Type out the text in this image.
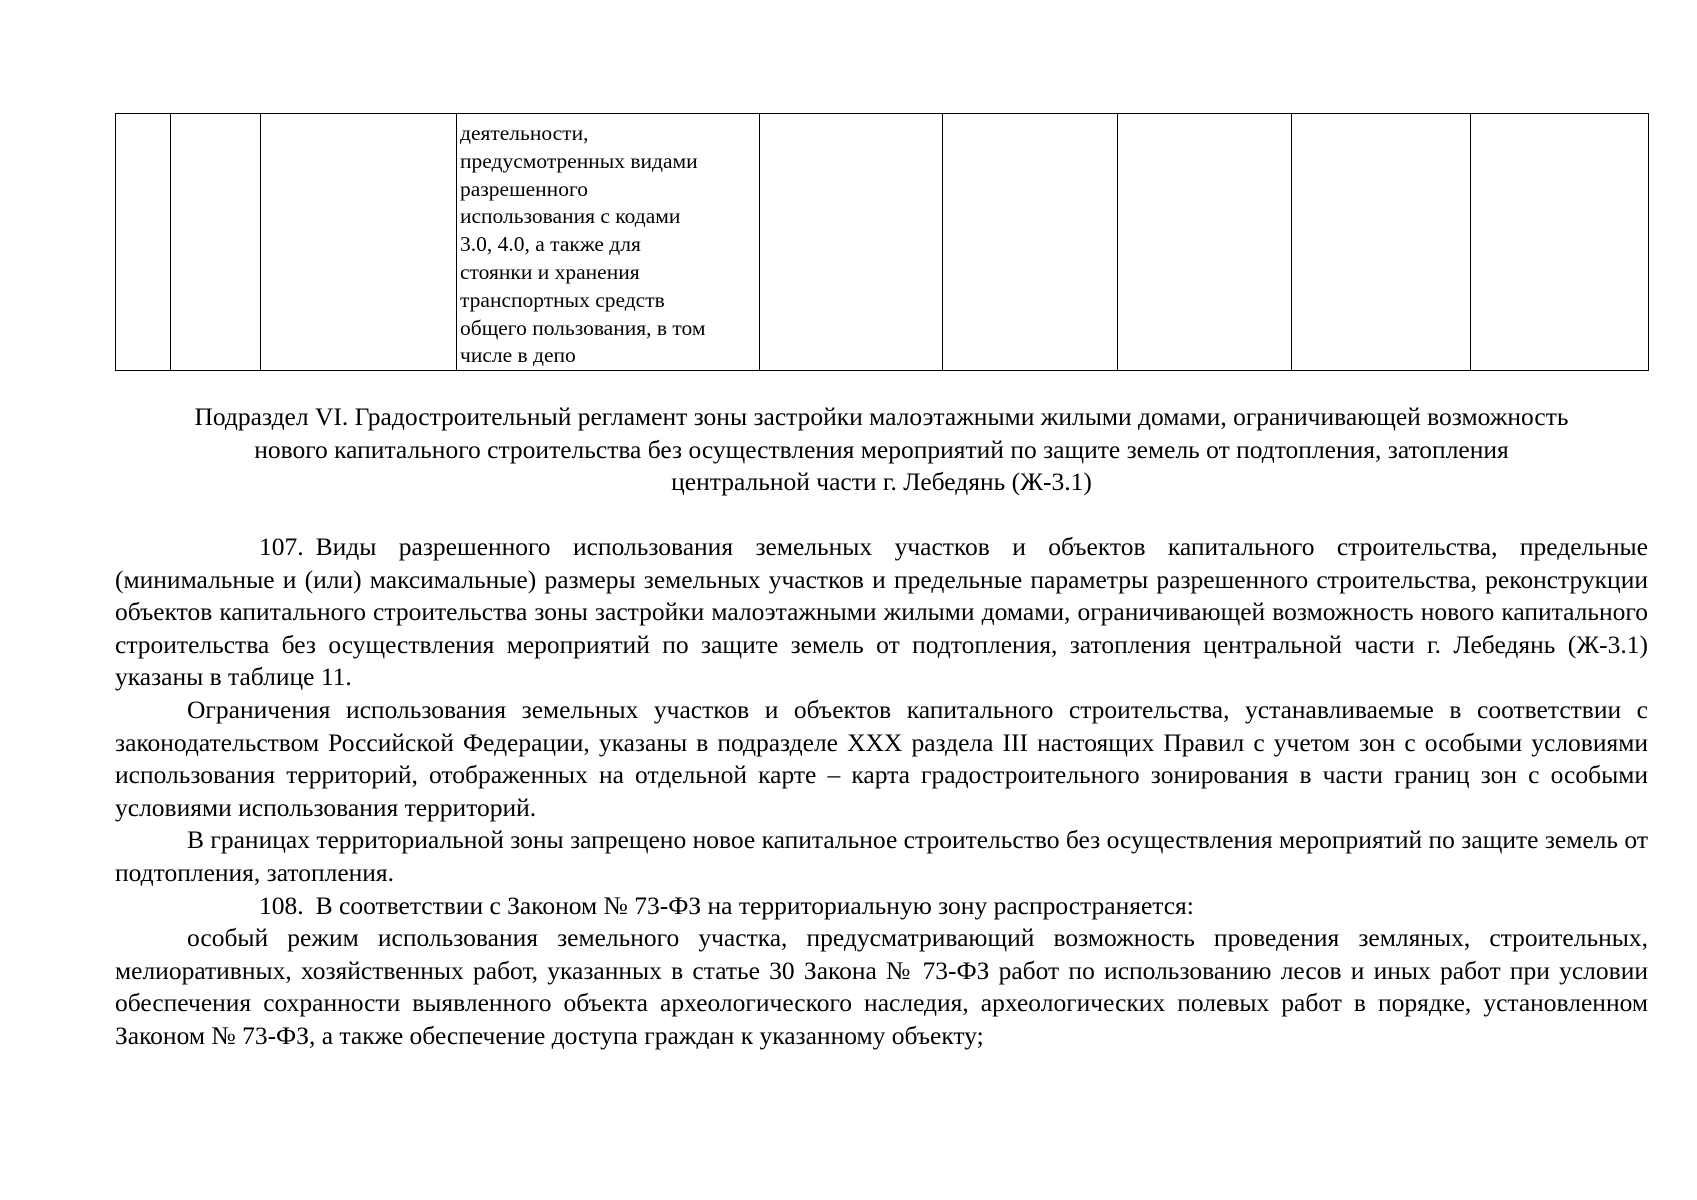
деятельности,
предусмотренных видами
разрешенного
использования с кодами
3.0, 4.0, а также для
стоянки и хранения
транспортных средств
общего пользования, в том
числе в депо

Подраздел VI. Градостроительный регламент зоны застройки малоэтажными жилыми домами, ограничивающей возможность
нового капитального строительства без осуществления мероприятий по защите земель от подтопления, затопления
центральной части г. Лебедянь (Ж-3.1)

107. Виды разрешенного использования земельных участков и объектов капитального строительства, предельные (минимальные и (или) максимальные) размеры земельных участков и предельные параметры разрешенного строительства, реконструкции объектов капитального строительства зоны застройки малоэтажными жилыми домами, ограничивающей возможность нового капитального строительства без осуществления мероприятий по защите земель от подтопления, затопления центральной части г. Лебедянь (Ж-3.1) указаны в таблице 11.

Ограничения использования земельных участков и объектов капитального строительства, устанавливаемые в соответствии с законодательством Российской Федерации, указаны в подразделе XXX раздела III настоящих Правил с учетом зон с особыми условиями использования территорий, отображенных на отдельной карте – карта градостроительного зонирования в части границ зон с особыми условиями использования территорий.

В границах территориальной зоны запрещено новое капитальное строительство без осуществления мероприятий по защите земель от подтопления, затопления.

108. В соответствии с Законом № 73-ФЗ на территориальную зону распространяется:

особый режим использования земельного участка, предусматривающий возможность проведения земляных, строительных, мелиоративных, хозяйственных работ, указанных в статье 30 Закона № 73-ФЗ работ по использованию лесов и иных работ при условии обеспечения сохранности выявленного объекта археологического наследия, археологических полевых работ в порядке, установленном Законом № 73-ФЗ, а также обеспечение доступа граждан к указанному объекту;
